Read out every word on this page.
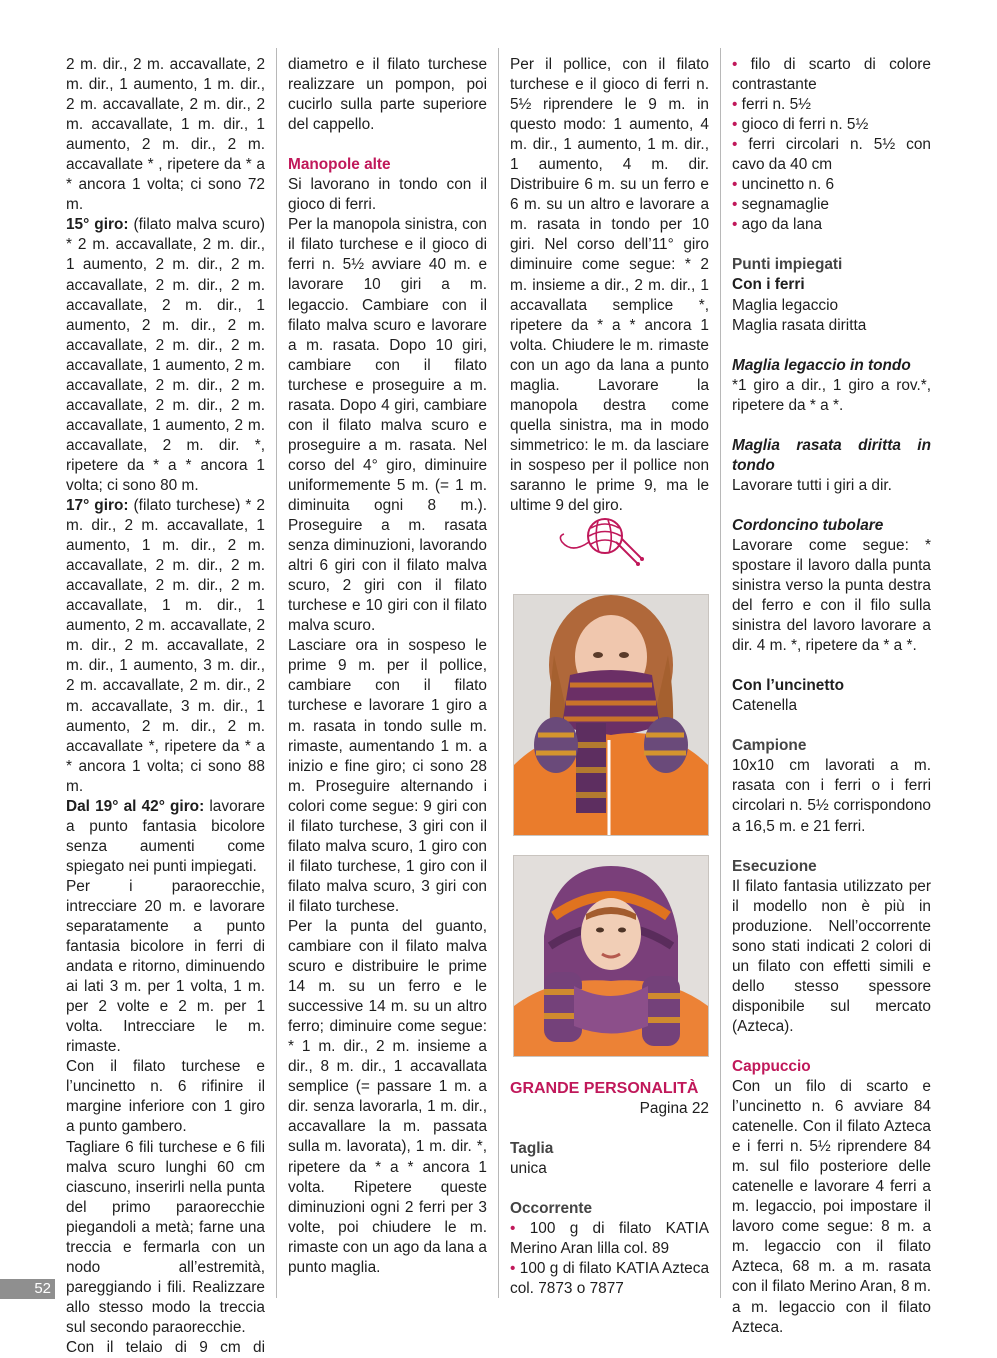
2 m. dir., 2 m. accavallate, 2 m. dir., 1 aumento, 1 m. dir., 2 m. accavallate, 2 m. dir., 2 m. accavallate, 1 m. dir., 1 aumento, 2 m. dir., 2 m. accavallate * , ripetere da * a * ancora 1 volta; ci sono 72 m.

15° giro: (filato malva scuro) * 2 m. accavallate, 2 m. dir., 1 aumento, 2 m. dir., 2 m. accavallate, 2 m. dir., 2 m. accavallate, 2 m. dir., 1 aumento, 2 m. dir., 2 m. accavallate, 2 m. dir., 2 m. accavallate, 1 aumento, 2 m. accavallate, 2 m. dir., 2 m. accavallate, 2 m. dir., 2 m. accavallate, 1 aumento, 2 m. accavallate, 2 m. dir. *, ripetere da * a * ancora 1 volta; ci sono 80 m.

17° giro: (filato turchese) * 2 m. dir., 2 m. accavallate, 1 aumento, 1 m. dir., 2 m. accavallate, 2 m. dir., 2 m. accavallate, 2 m. dir., 2 m. accavallate, 1 m. dir., 1 aumento, 2 m. accavallate, 2 m. dir., 2 m. accavallate, 2 m. dir., 1 aumento, 3 m. dir., 2 m. accavallate, 2 m. dir., 2 m. accavallate, 3 m. dir., 1 aumento, 2 m. dir., 2 m. accavallate *, ripetere da * a * ancora 1 volta; ci sono 88 m.

Dal 19° al 42° giro: lavorare a punto fantasia bicolore senza aumenti come spiegato nei punti impiegati.

Per i paraorecchie, intrecciare 20 m. e lavorare separatamente a punto fantasia bicolore in ferri di andata e ritorno, diminuendo ai lati 3 m. per 1 volta, 1 m. per 2 volte e 2 m. per 1 volta. Intrecciare le m. rimaste.

Con il filato turchese e l’uncinetto n. 6 rifinire il margine inferiore con 1 giro a punto gambero.

Tagliare 6 fili turchese e 6 fili malva scuro lunghi 60 cm ciascuno, inserirli nella punta del primo paraorecchie piegandoli a metà; farne una treccia e fermarla con un nodo all’estremità, pareggiando i fili. Realizzare allo stesso modo la treccia sul secondo paraorecchie.

Con il telaio di 9 cm di

52

diametro e il filato turchese realizzare un pompon, poi cucirlo sulla parte superiore del cappello.

Manopole alte

Si lavorano in tondo con il gioco di ferri.

Per la manopola sinistra, con il filato turchese e il gioco di ferri n. 5½ avviare 40 m. e lavorare 10 giri a m. legaccio. Cambiare con il filato malva scuro e lavorare a m. rasata. Dopo 10 giri, cambiare con il filato turchese e proseguire a m. rasata. Dopo 4 giri, cambiare con il filato malva scuro e proseguire a m. rasata. Nel corso del 4° giro, diminuire uniformemente 5 m. (= 1 m. diminuita ogni 8 m.). Proseguire a m. rasata senza diminuzioni, lavorando altri 6 giri con il filato malva scuro, 2 giri con il filato turchese e 10 giri con il filato malva scuro.

Lasciare ora in sospeso le prime 9 m. per il pollice, cambiare con il filato turchese e lavorare 1 giro a m. rasata in tondo sulle m. rimaste, aumentando 1 m. a inizio e fine giro; ci sono 28 m. Proseguire alternando i colori come segue: 9 giri con il filato turchese, 3 giri con il filato malva scuro, 1 giro con il filato turchese, 1 giro con il filato malva scuro, 3 giri con il filato turchese.

Per la punta del guanto, cambiare con il filato malva scuro e distribuire le prime 14 m. su un ferro e le successive 14 m. su un altro ferro; diminuire come segue: * 1 m. dir., 2 m. insieme a dir., 8 m. dir., 1 accavallata semplice (= passare 1 m. a dir. senza lavorarla, 1 m. dir., accavallare la m. passata sulla m. lavorata), 1 m. dir. *, ripetere da * a * ancora 1 volta. Ripetere queste diminuzioni ogni 2 ferri per 3 volte, poi chiudere le m. rimaste con un ago da lana a punto maglia.

Per il pollice, con il filato turchese e il gioco di ferri n. 5½ riprendere le 9 m. in questo modo: 1 aumento, 4 m. dir., 1 aumento, 1 m. dir., 1 aumento, 4 m. dir. Distribuire 6 m. su un ferro e 6 m. su un altro e lavorare a m. rasata in tondo per 10 giri. Nel corso dell’11° giro diminuire come segue: * 2 m. insieme a dir., 2 m. dir., 1 accavallata semplice *, ripetere da * a * ancora 1 volta. Chiudere le m. rimaste con un ago da lana a punto maglia. Lavorare la manopola destra come quella sinistra, ma in modo simmetrico: le m. da lasciare in sospeso per il pollice non saranno le prime 9, ma le ultime 9 del giro.

GRANDE PERSONALITÀ

Pagina 22

Taglia

unica

Occorrente

• 100 g di filato KATIA Merino Aran lilla col. 89

• 100 g di filato KATIA Azteca col. 7873 o 7877

• filo di scarto di colore contrastante

• ferri n. 5½

• gioco di ferri n. 5½

• ferri circolari n. 5½ con cavo da 40 cm

• uncinetto n. 6

• segnamaglie

• ago da lana

Punti impiegati

Con i ferri

Maglia legaccio

Maglia rasata diritta

Maglia legaccio in tondo

*1 giro a dir., 1 giro a rov.*, ripetere da * a *.

Maglia rasata diritta in tondo

Lavorare tutti i giri a dir.

Cordoncino tubolare

Lavorare come segue: * spostare il lavoro dalla punta sinistra verso la punta destra del ferro e con il filo sulla sinistra del lavoro lavorare a dir. 4 m. *, ripetere da * a *.

Con l’uncinetto

Catenella

Campione

10x10 cm lavorati a m. rasata con i ferri o i ferri circolari n. 5½ corrispondono a 16,5 m. e 21 ferri.

Esecuzione

Il filato fantasia utilizzato per il modello non è più in produzione. Nell’occorrente sono stati indicati 2 colori di un filato con effetti simili e dello stesso spessore disponibile sul mercato (Azteca).

Cappuccio

Con un filo di scarto e l’uncinetto n. 6 avviare 84 catenelle. Con il filato Azteca e i ferri n. 5½ riprendere 84 m. sul filo posteriore delle catenelle e lavorare 4 ferri a m. legaccio, poi impostare il lavoro come segue: 8 m. a m. legaccio con il filato Azteca, 68 m. a m. rasata con il filato Merino Aran, 8 m. a m. legaccio con il filato Azteca.
